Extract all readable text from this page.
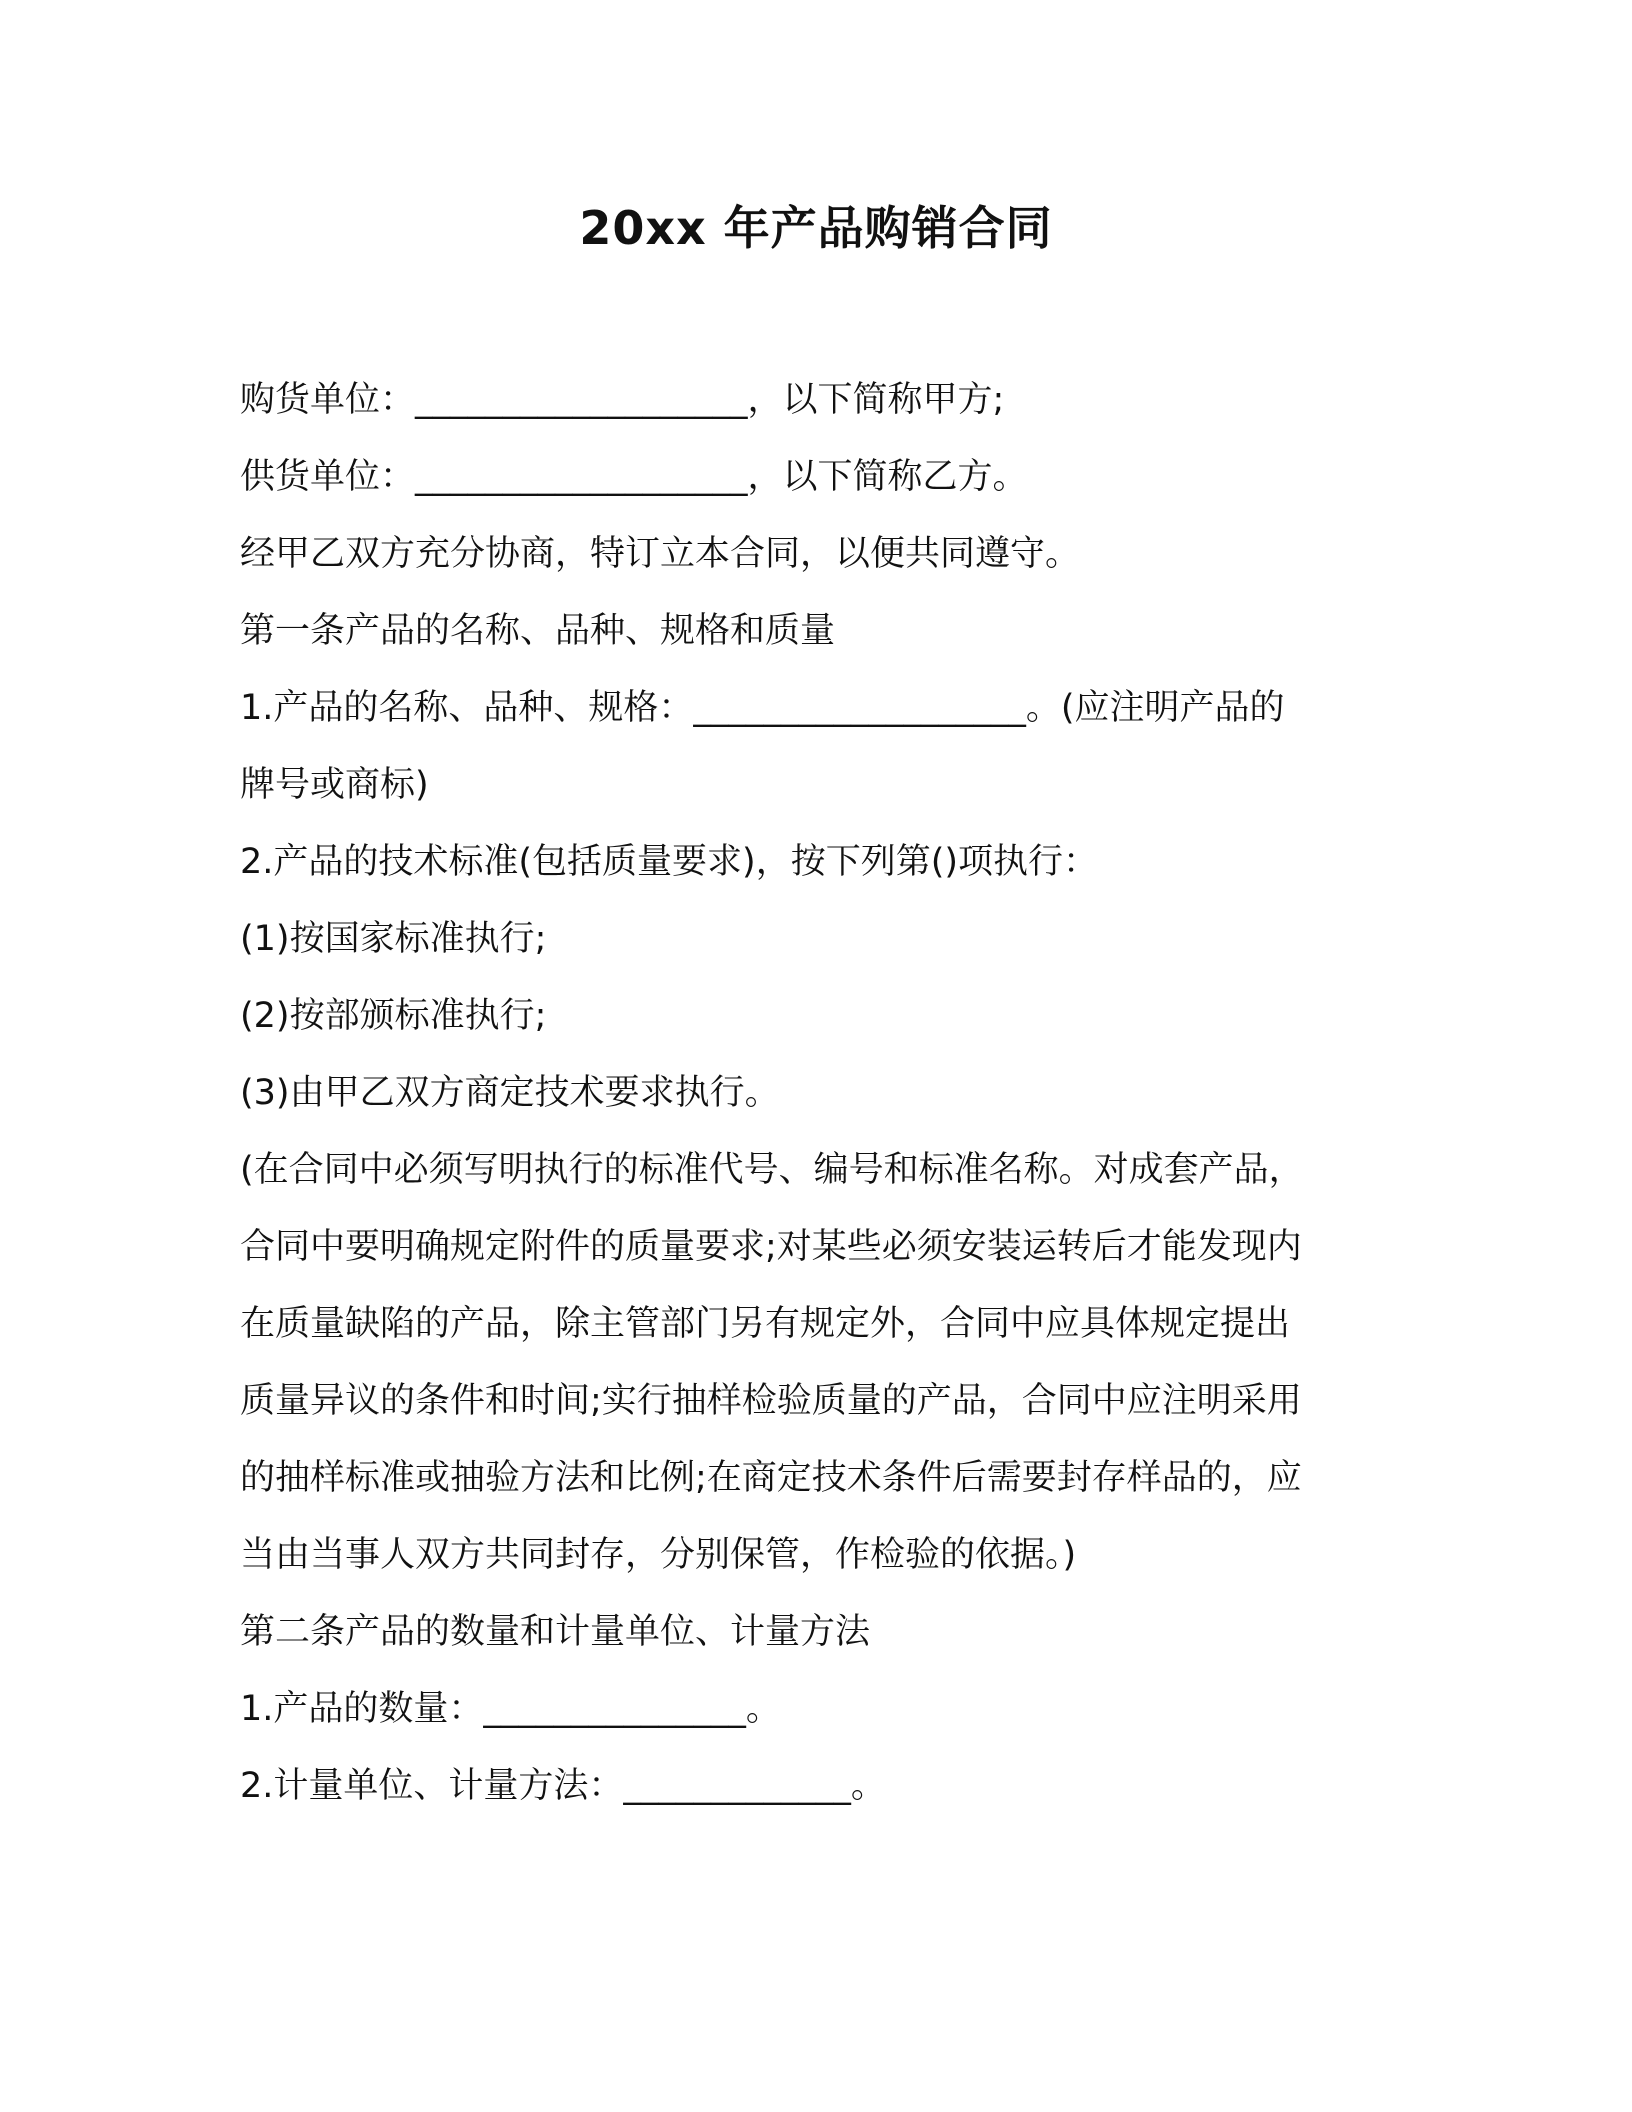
20xx 年产品购销合同

购货单位：___________________，以下简称甲方;

供货单位：___________________，以下简称乙方。

经甲乙双方充分协商，特订立本合同，以便共同遵守。

第一条产品的名称、品种、规格和质量

1.产品的名称、品种、规格：___________________。(应注明产品的

牌号或商标)

2.产品的技术标准(包括质量要求)，按下列第()项执行：

(1)按国家标准执行;

(2)按部颁标准执行;

(3)由甲乙双方商定技术要求执行。

(在合同中必须写明执行的标准代号、编号和标准名称。对成套产品，

合同中要明确规定附件的质量要求;对某些必须安装运转后才能发现内

在质量缺陷的产品，除主管部门另有规定外，合同中应具体规定提出

质量异议的条件和时间;实行抽样检验质量的产品，合同中应注明采用

的抽样标准或抽验方法和比例;在商定技术条件后需要封存样品的，应

当由当事人双方共同封存，分别保管，作检验的依据。)

第二条产品的数量和计量单位、计量方法

1.产品的数量：_______________。

2.计量单位、计量方法：_____________。
